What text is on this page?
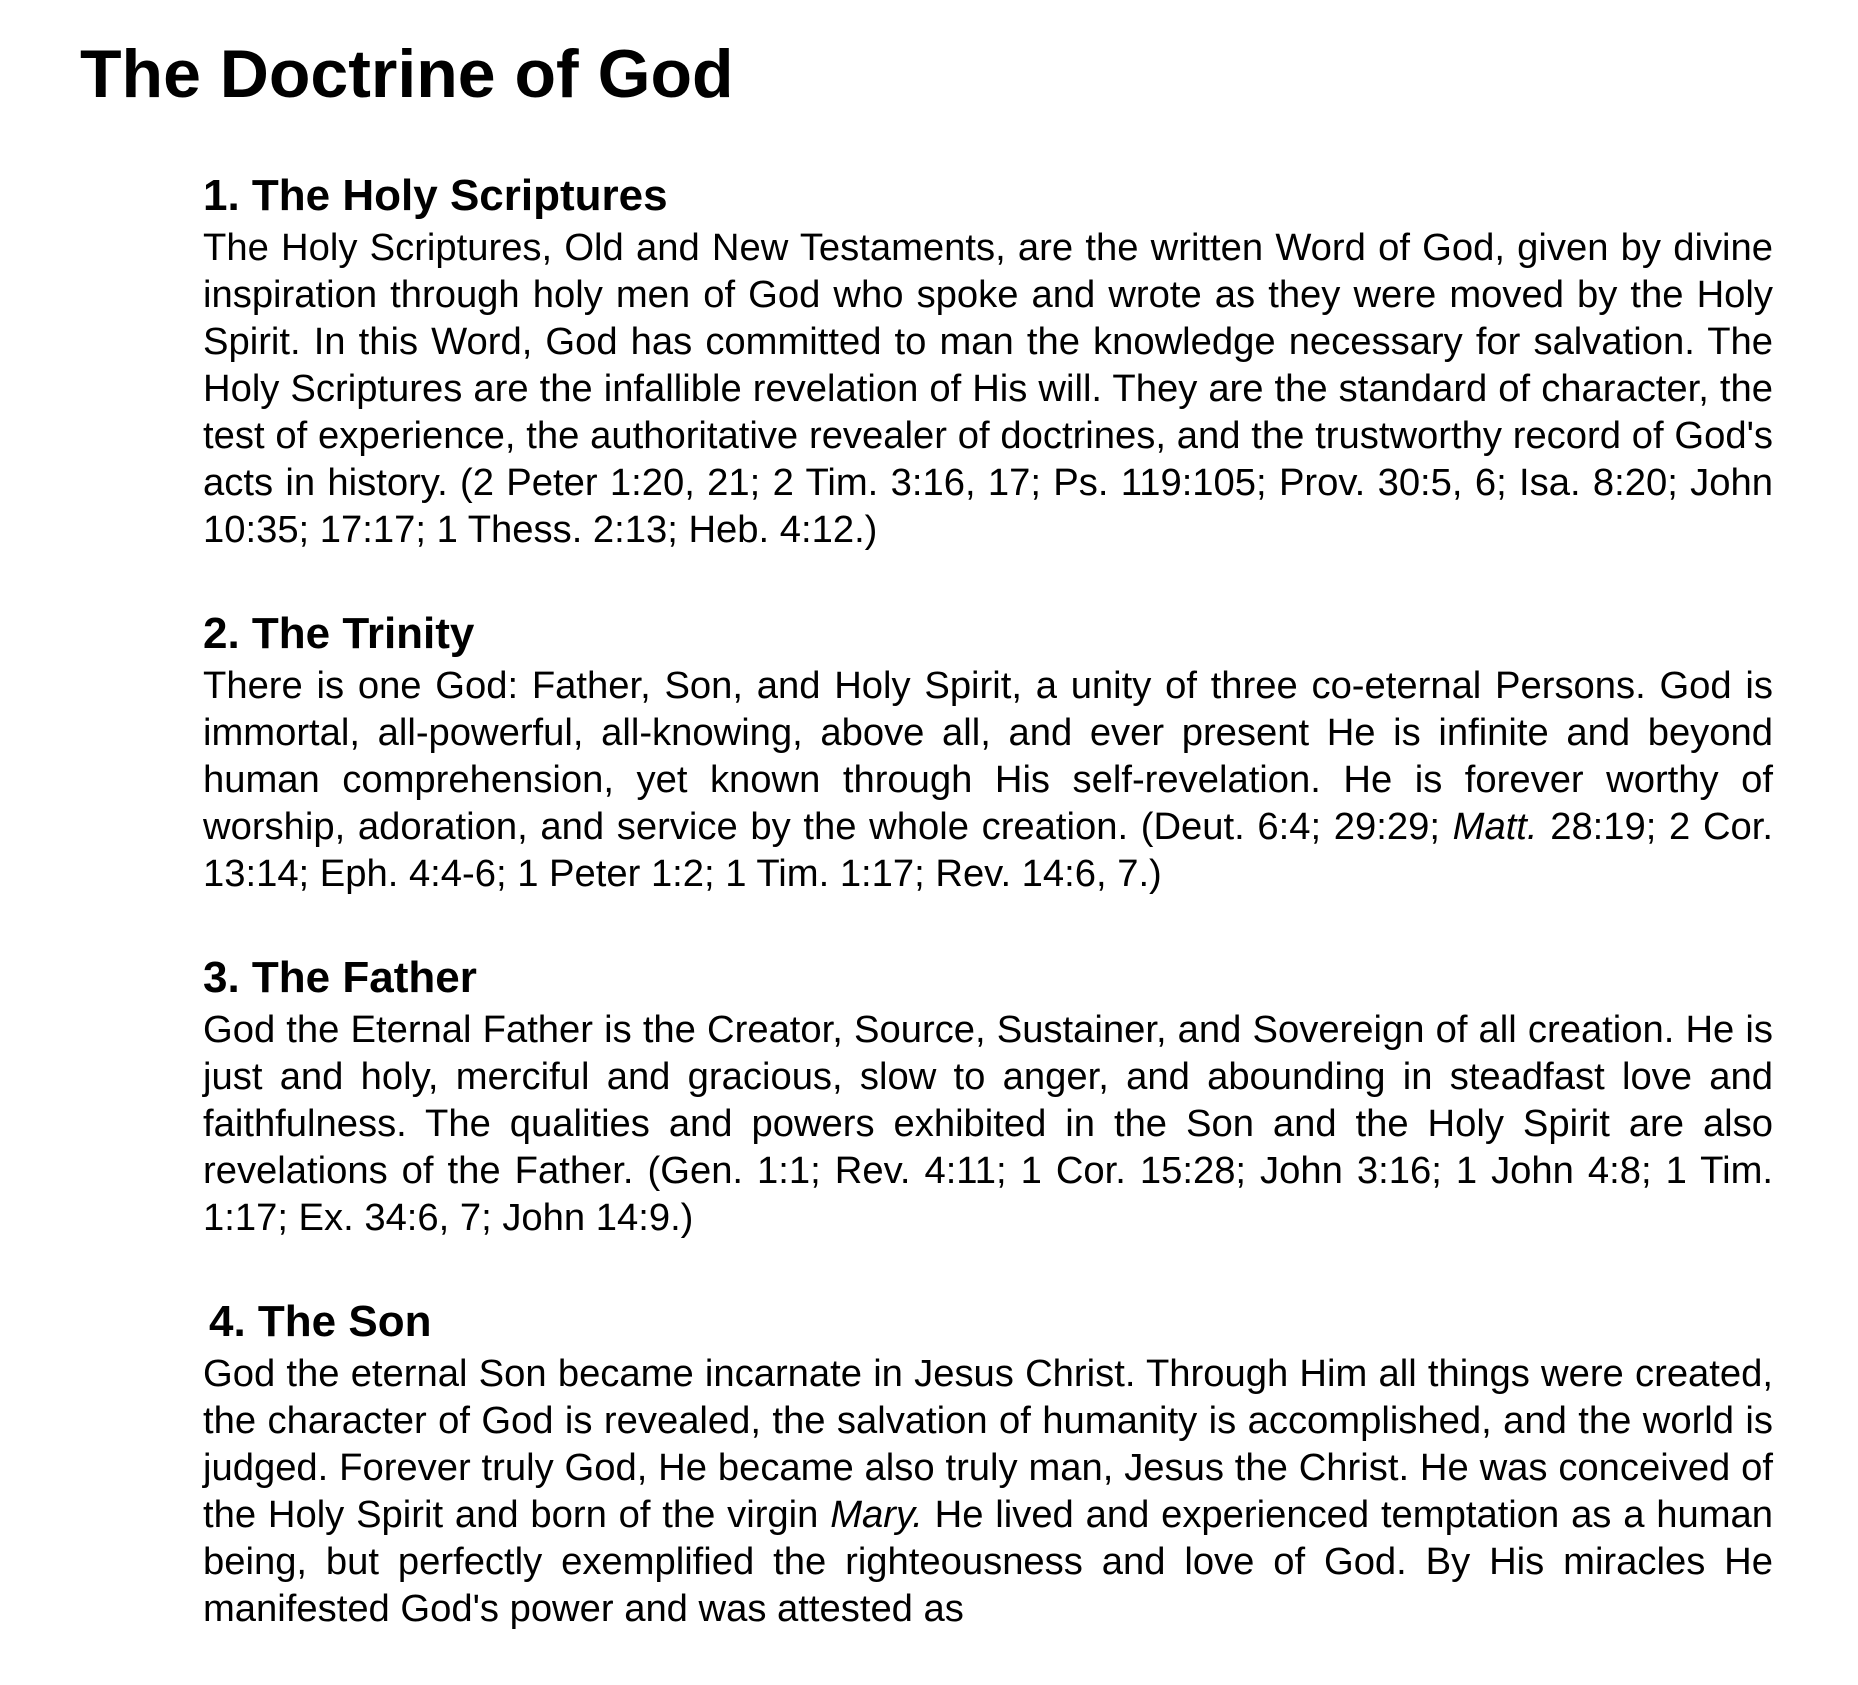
The Doctrine of God
1. The Holy Scriptures

The Holy Scriptures, Old and New Testaments, are the written Word of God, given by divine inspiration through holy men of God who spoke and wrote as they were moved by the Holy Spirit. In this Word, God has committed to man the knowledge necessary for salvation. The Holy Scriptures are the infallible revelation of His will. They are the standard of character, the test of experience, the authoritative revealer of doctrines, and the trustworthy record of God's acts in history. (2 Peter 1:20, 21; 2 Tim. 3:16, 17; Ps. 119:105; Prov. 30:5, 6; Isa. 8:20; John 10:35; 17:17; 1 Thess. 2:13; Heb. 4:12.)

2. The Trinity

There is one God: Father, Son, and Holy Spirit, a unity of three co-eternal Persons. God is immortal, all-powerful, all-knowing, above all, and ever present He is infinite and beyond human comprehension, yet known through His self-revelation. He is forever worthy of worship, adoration, and service by the whole creation. (Deut. 6:4; 29:29; Matt. 28:19; 2 Cor. 13:14; Eph. 4:4-6; 1 Peter 1:2; 1 Tim. 1:17; Rev. 14:6, 7.)

3. The Father

God the Eternal Father is the Creator, Source, Sustainer, and Sovereign of all creation. He is just and holy, merciful and gracious, slow to anger, and abounding in steadfast love and faithfulness. The qualities and powers exhibited in the Son and the Holy Spirit are also revelations of the Father. (Gen. 1:1; Rev. 4:11; 1 Cor. 15:28; John 3:16; 1 John 4:8; 1 Tim. 1:17; Ex. 34:6, 7; John 14:9.)

4. The Son

God the eternal Son became incarnate in Jesus Christ. Through Him all things were created, the character of God is revealed, the salvation of humanity is accomplished, and the world is judged. Forever truly God, He became also truly man, Jesus the Christ. He was conceived of the Holy Spirit and born of the virgin Mary. He lived and experienced temptation as a human being, but perfectly exemplified the righteousness and love of God. By His miracles He manifested God's power and was attested as
